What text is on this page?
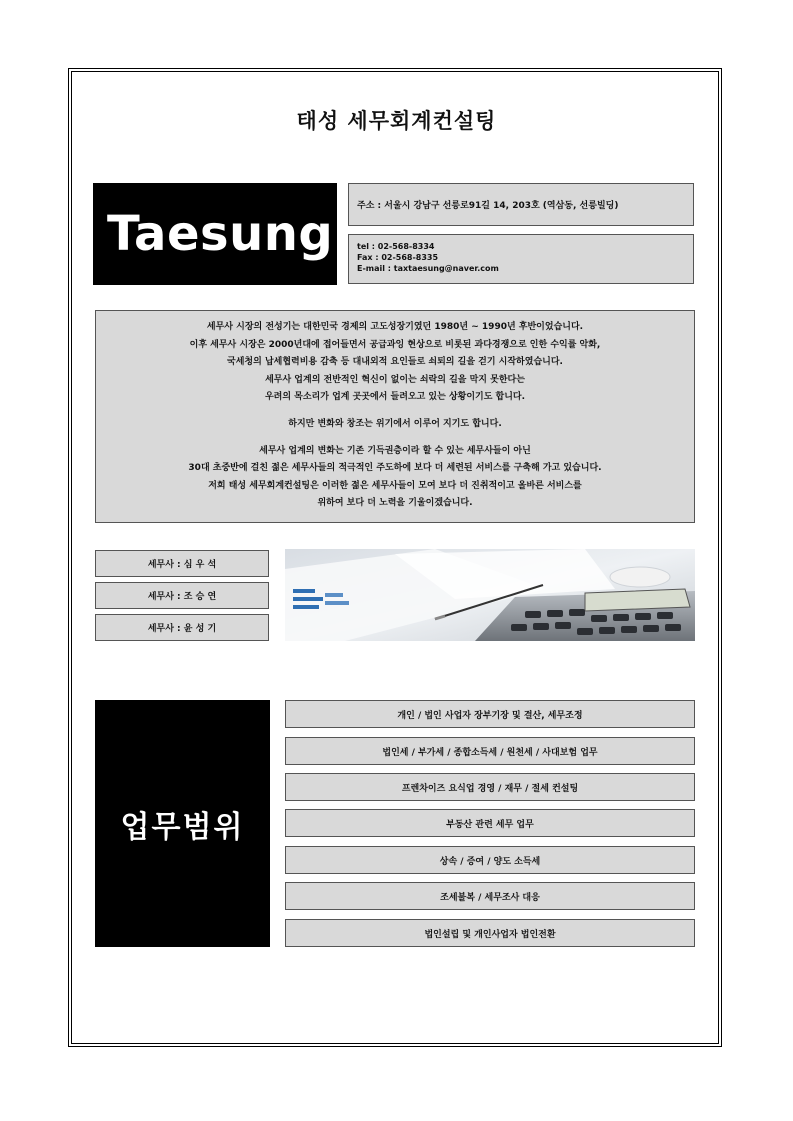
태성 세무회계컨설팅
Taesung	주소 : 서울시 강남구 선릉로91길 14, 203호 (역삼동, 선릉빌딩)
tel : 02-568-8334
Fax : 02-568-8335
E-mail : taxtaesung@naver.com

세무사 시장의 전성기는 대한민국 경제의 고도성장기였던 1980년 ~ 1990년 후반이었습니다.

이후 세무사 시장은 2000년대에 접어들면서 공급과잉 현상으로 비롯된 과다경쟁으로 인한 수익률 악화,

국세청의 납세협력비용 감축 등 대내외적 요인들로 쇠퇴의 길을 걷기 시작하였습니다.

세무사 업계의 전반적인 혁신이 없이는 쇠락의 길을 막지 못한다는

우려의 목소리가 업계 곳곳에서 들려오고 있는 상황이기도 합니다.

하지만 변화와 창조는 위기에서 이루어 지기도 합니다.

세무사 업계의 변화는 기존 기득권층이라 할 수 있는 세무사들이 아닌

30대 초중반에 걸친 젊은 세무사들의 적극적인 주도하에 보다 더 세련된 서비스를 구축해 가고 있습니다.

저희 태성 세무회계컨설팅은 이러한 젊은 세무사들이 모여 보다 더 진취적이고 올바른 서비스를

위하여 보다 더 노력을 기울이겠습니다.

세무사 : 심 우 석
세무사 : 조 승 연
세무사 : 윤 성 기
업무범위
개인 / 법인 사업자 장부기장 및 결산, 세무조정
법인세 / 부가세 / 종합소득세 / 원천세 / 사대보험 업무
프렌차이즈 요식업 경영 / 재무 / 절세 컨설팅
부동산 관련 세무 업무
상속 / 증여 / 양도 소득세
조세불복 / 세무조사 대응
법인설립 및 개인사업자 법인전환
